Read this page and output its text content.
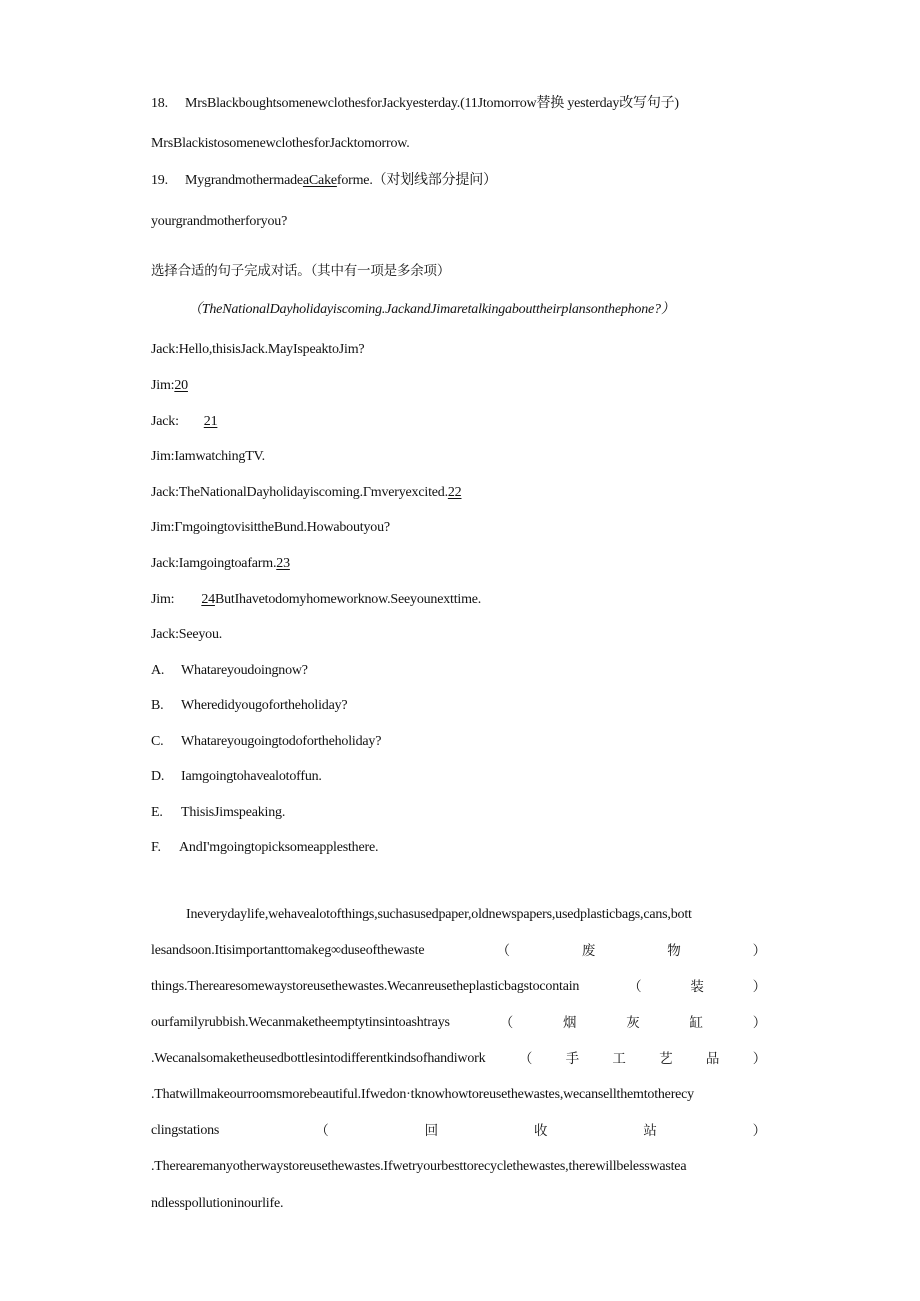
18. MrsBlackboughtsomenewclothesforJackyesterday.(11Jtomorrow替换 yesterday改写句子)
MrsBlackistosomenewclothesforJacktomorrow.
19. MygrandmothermadeaCakeforme.（对划线部分提问）
yourgrandmotherforyou?
选择合适的句子完成对话。（其中有一项是多余项）
（TheNationalDayholidayiscoming.JackandJimaretalkingabouttheirplansonthephone?）
Jack:Hello,thisisJack.MayIspeaktoJim?
Jim:20
Jack: 21
Jim:IamwatchingTV.
Jack:TheNationalDayholidayiscoming.Γmveryexcited.22
Jim:ΓmgoingtovisittheBund.Howaboutyou?
Jack:Iamgoingtoafarm.23
Jim: 24ButIhavetodomyhomeworknow.Seeyounexttime.
Jack:Seeyou.
A. Whatareyoudoingnow?
B. Wheredidyougofortheholiday?
C. Whatareyougoingtodofortheholiday?
D. Iamgoingtohavealotoffun.
E. ThisisJimspeaking.
F. AndI'mgoingtopicksomeapplesthere.
Ineverydaylife,wehavealotofthings,suchasusedpaper,oldnewspapers,usedplasticbags,cans,bott
lesandsoon.Itisimportanttomakeg∞duseofthewaste	（	废	物	）
things.Therearesomewaystoreusethewastes.Wecanreusetheplasticbagstocontain	（	装	）
ourfamilyrubbish.Wecanmaketheemptytinsintoashtrays	（	烟	灰	缸	）
.Wecanalsomaketheusedbottlesintodifferentkindsofhandiwork （ 手 工 艺 品 ）
.Thatwillmakeourroomsmorebeautiful.Ifwedon·tknowhowtoreusethewastes,wecansellthemtotherecy
clingstations	（	回	收	站	）
.Therearemanyotherwaystoreusethewastes.Ifwetryourbesttorecyclethewastes,therewillbelesswastea
ndlesspollutioninourlife.
